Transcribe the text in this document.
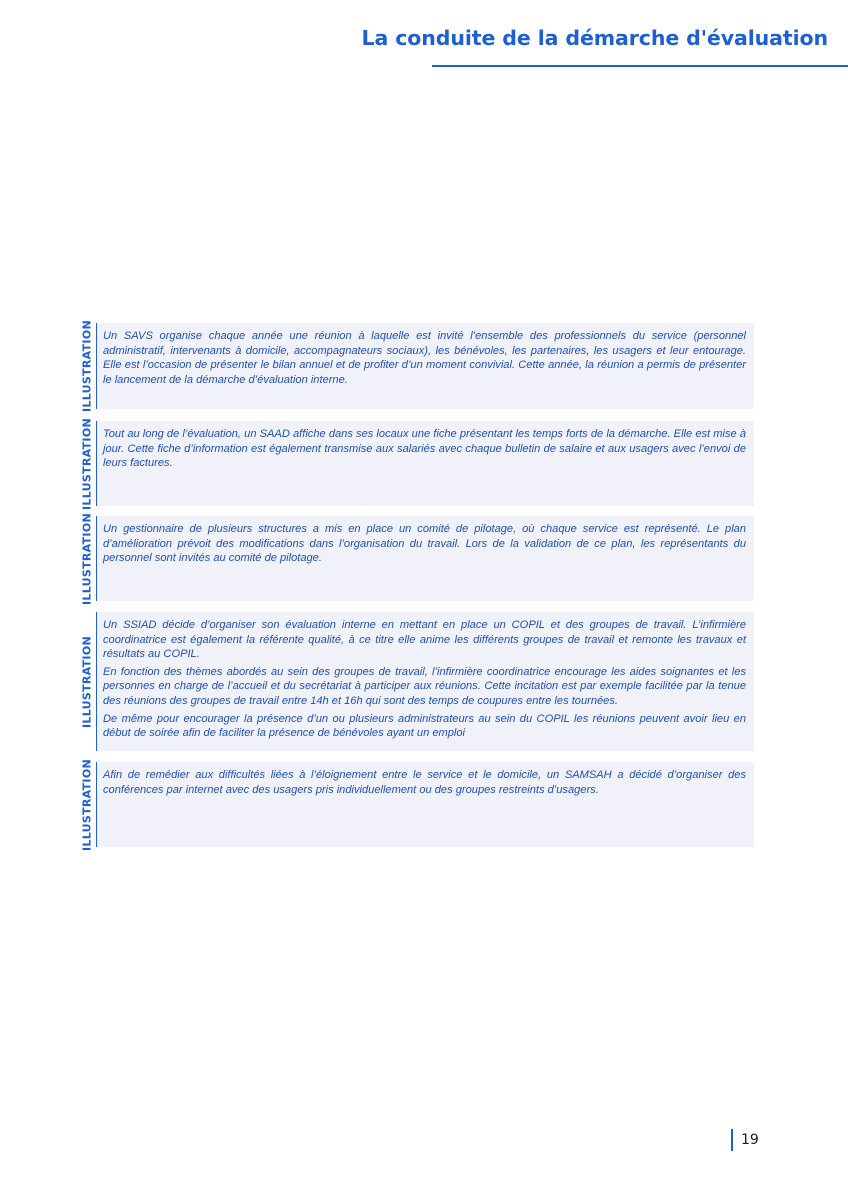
La conduite de la démarche d'évaluation
ILLUSTRATION Un SAVS organise chaque année une réunion à laquelle est invité l’ensemble des professionnels du service (personnel administratif, intervenants à domicile, accompagnateurs sociaux), les bénévoles, les partenaires, les usagers et leur entourage. Elle est l’occasion de présenter le bilan annuel et de profiter d’un moment convivial. Cette année, la réunion a permis de présenter le lancement de la démarche d’évaluation interne.

ILLUSTRATION Tout au long de l’évaluation, un SAAD affiche dans ses locaux une fiche présentant les temps forts de la démarche. Elle est mise à jour. Cette fiche d’information est également transmise aux salariés avec chaque bulletin de salaire et aux usagers avec l’envoi de leurs factures.

ILLUSTRATION Un gestionnaire de plusieurs structures a mis en place un comité de pilotage, où chaque service est représenté. Le plan d’amélioration prévoit des modifications dans l’organisation du travail. Lors de la validation de ce plan, les représentants du personnel sont invités au comité de pilotage.

ILLUSTRATION

Un SSIAD décide d’organiser son évaluation interne en mettant en place un COPIL et des groupes de travail. L’infirmière coordinatrice est également la référente qualité, à ce titre elle anime les différents groupes de travail et remonte les travaux et résultats au COPIL.

En fonction des thèmes abordés au sein des groupes de travail, l’infirmière coordinatrice encourage les aides soignantes et les personnes en charge de l’accueil et du secrétariat à participer aux réunions. Cette incitation est par exemple facilitée par la tenue des réunions des groupes de travail entre 14h et 16h qui sont des temps de coupures entre les tournées.

De même pour encourager la présence d’un ou plusieurs administrateurs au sein du COPIL les réunions peuvent avoir lieu en début de soirée afin de faciliter la présence de bénévoles ayant un emploi

ILLUSTRATION Afin de remédier aux difficultés liées à l’éloignement entre le service et le domicile, un SAMSAH a décidé d’organiser des conférences par internet avec des usagers pris individuellement ou des groupes restreints d’usagers.

19
